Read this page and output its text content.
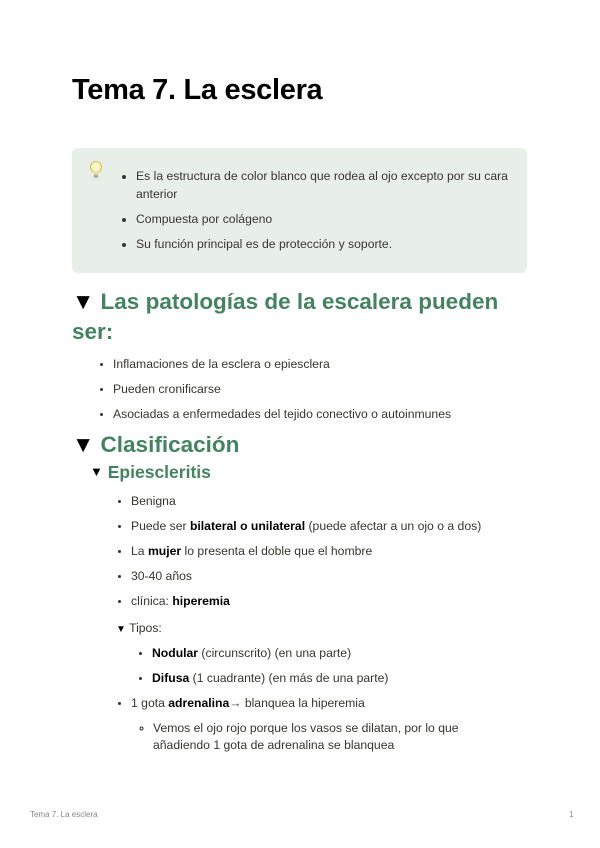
Tema 7. La esclera
• Es la estructura de color blanco que rodea al ojo excepto por su cara anterior
• Compuesta por colágeno
• Su función principal es de protección y soporte.
▼ Las patologías de la escalera pueden ser:
• Inflamaciones de la esclera o epiesclera
• Pueden cronificarse
• Asociadas a enfermedades del tejido conectivo o autoinmunes
▼ Clasificación
▼ Epiescleritis
• Benigna
• Puede ser bilateral o unilateral (puede afectar a un ojo o a dos)
• La mujer lo presenta el doble que el hombre
• 30-40 años
• clínica: hiperemia
▼ Tipos:
• Nodular (circunscrito) (en una parte)
• Difusa (1 cuadrante) (en más de una parte)
• 1 gota adrenalina→ blanquea la hiperemia
◦ Vemos el ojo rojo porque los vasos se dilatan, por lo que añadiendo 1 gota de adrenalina se blanquea
Tema 7. La esclera	1
